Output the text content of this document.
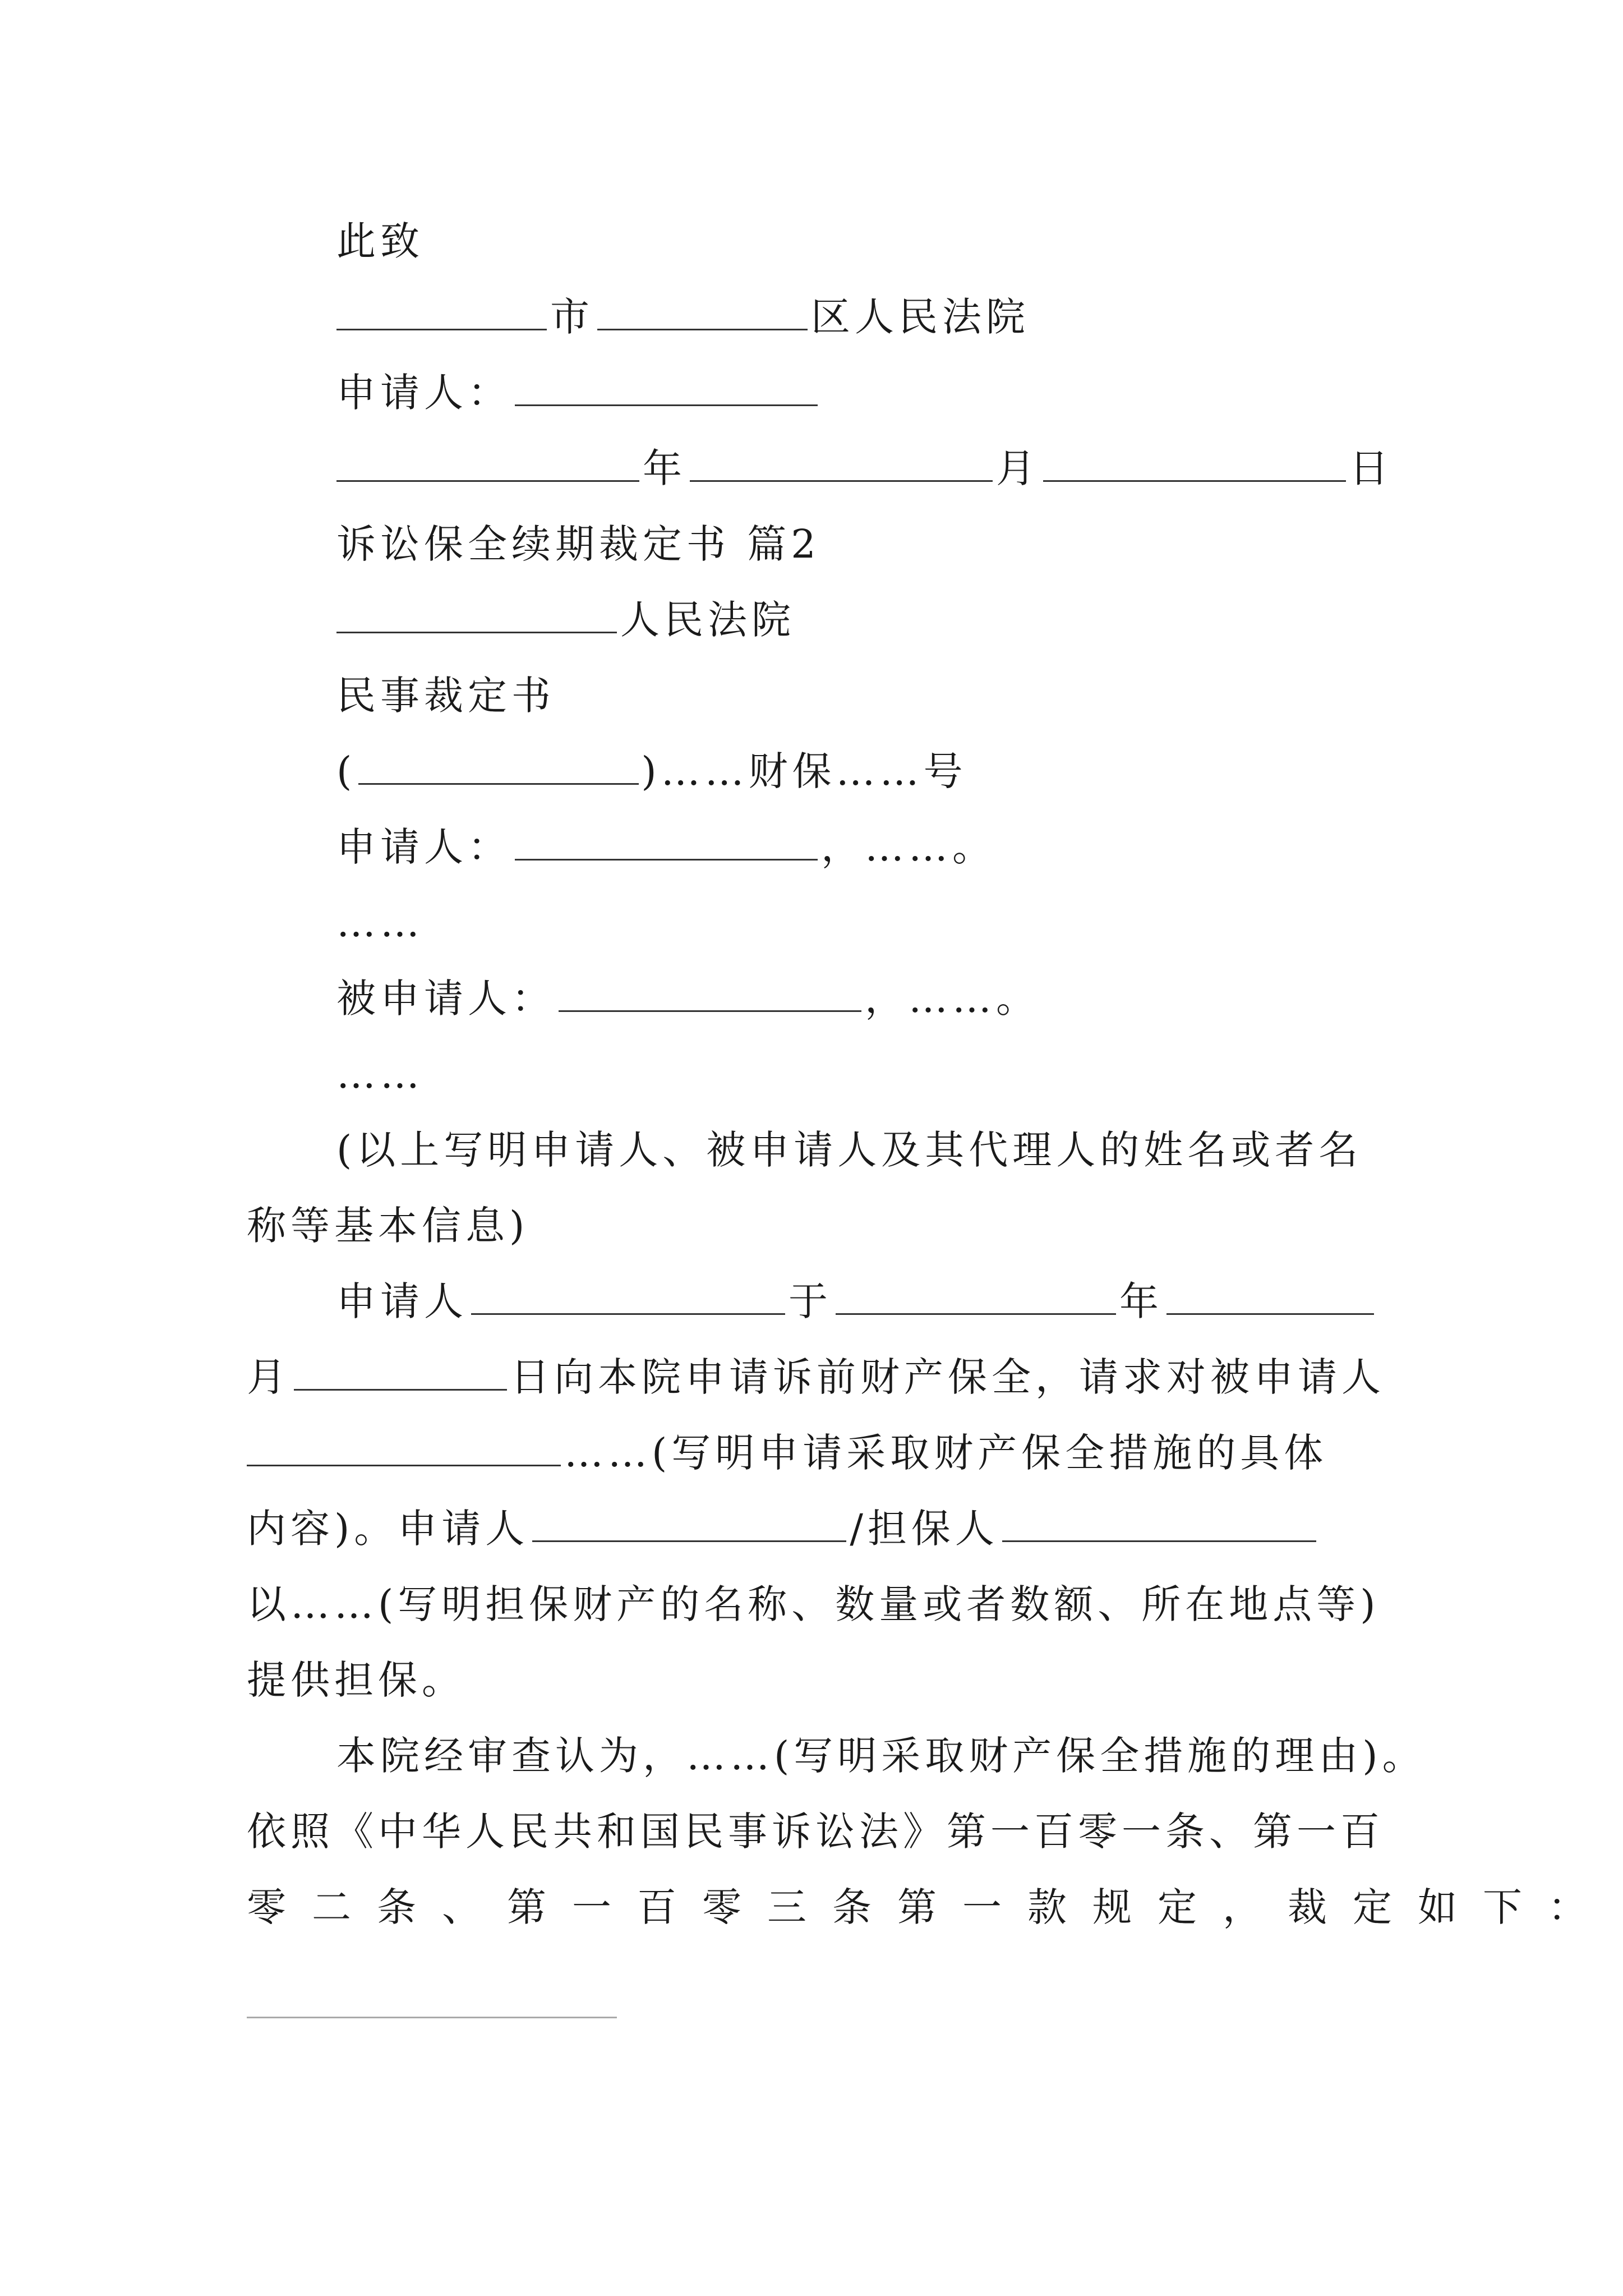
此致
市	区人民法院
申请人：
年	月	日
诉讼保全续期裁定书 篇2
人民法院
民事裁定书
(	)……财保……号
申请人：	，……。
……
被申请人：	，……。
……
(以上写明申请人、被申请人及其代理人的姓名或者名
称等基本信息)
申请人	于	年
月	日向本院申请诉前财产保全，请求对被申请人
……(写明申请采取财产保全措施的具体
内容)。申请人	/担保人
以……(写明担保财产的名称、数量或者数额、所在地点等)
提供担保。
本院经审查认为，……(写明采取财产保全措施的理由)。
依照《中华人民共和国民事诉讼法》第一百零一条、第一百
零二条、第一百零三条第一款规定，裁定如下：
